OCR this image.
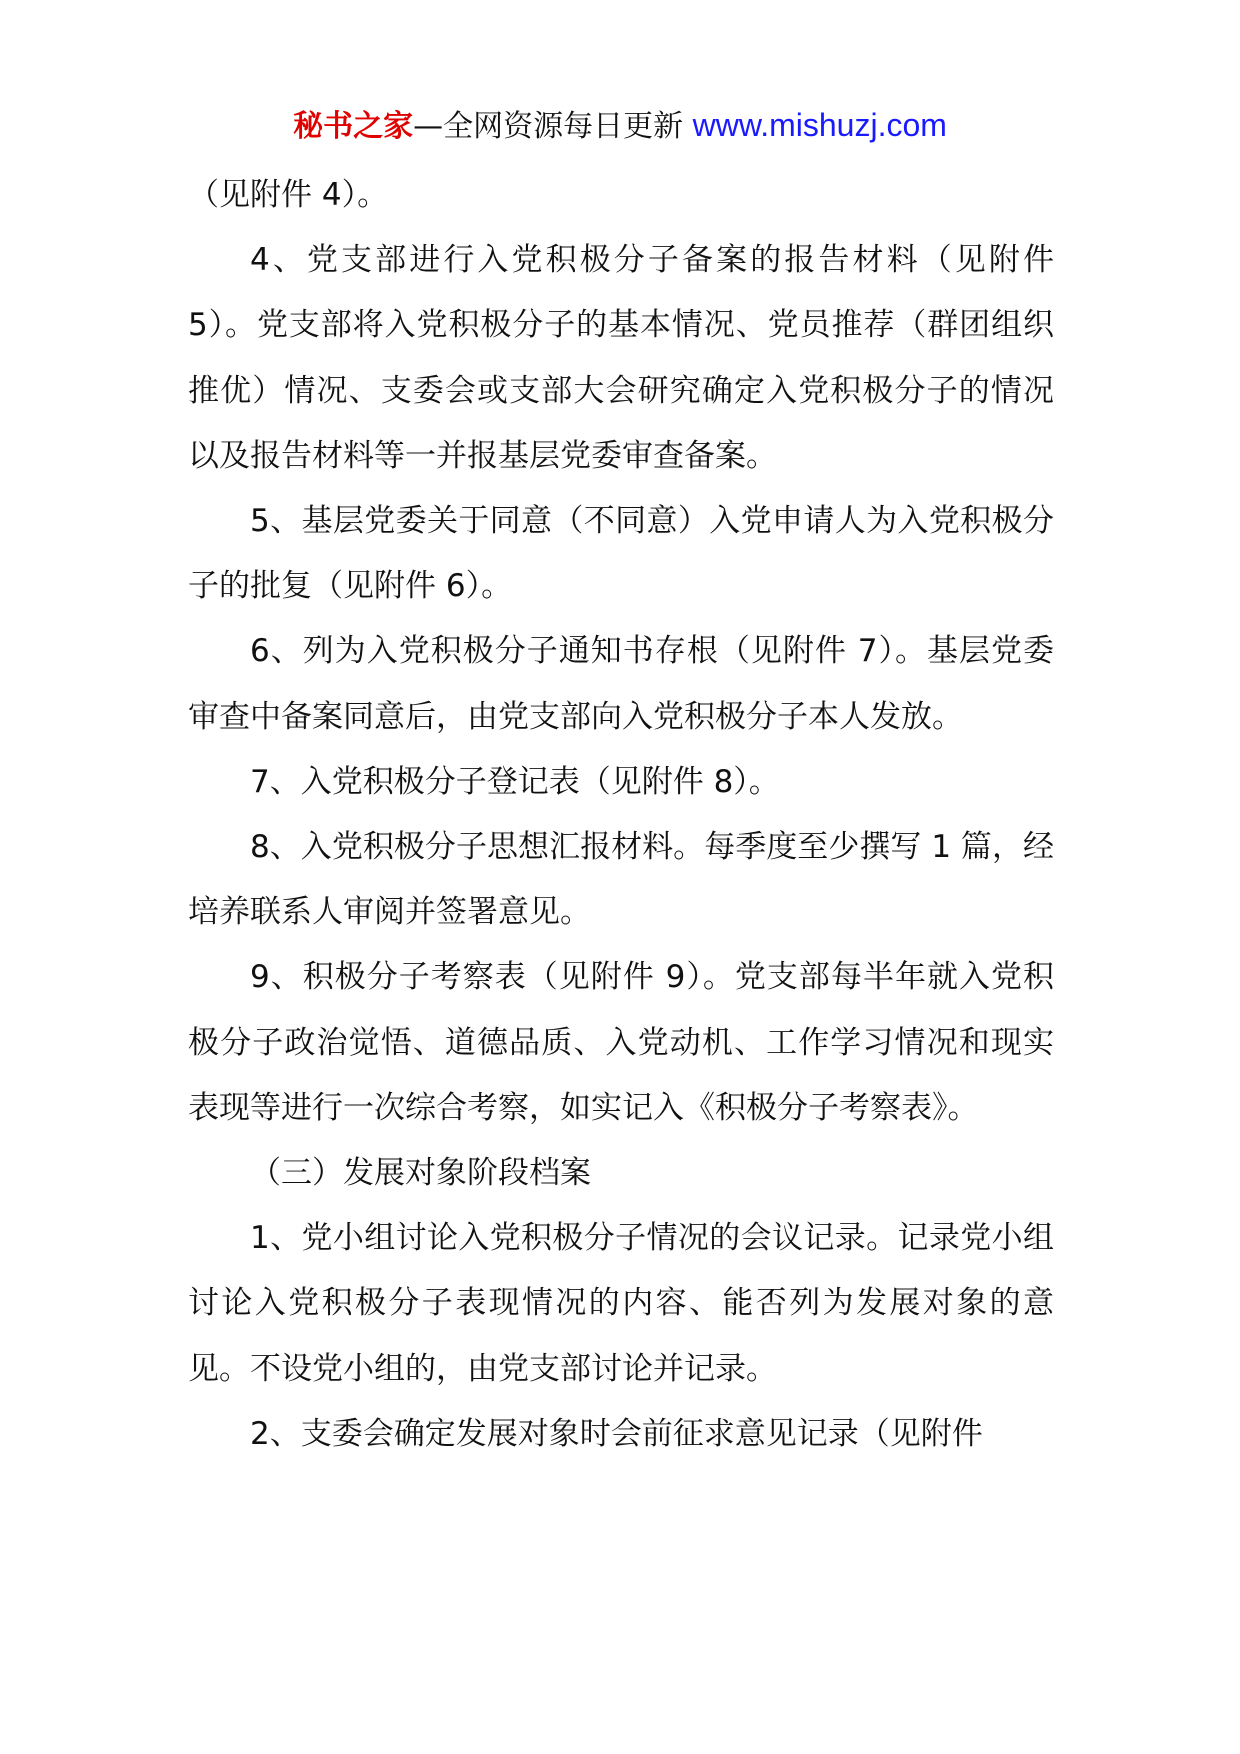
秘书之家—全网资源每日更新 www.mishuzj.com

（见附件 4）。

4、党支部进行入党积极分子备案的报告材料（见附件 5）。党支部将入党积极分子的基本情况、党员推荐（群团组织推优）情况、支委会或支部大会研究确定入党积极分子的情况以及报告材料等一并报基层党委审查备案。

5、基层党委关于同意（不同意）入党申请人为入党积极分子的批复（见附件 6）。

6、列为入党积极分子通知书存根（见附件 7）。基层党委审查中备案同意后，由党支部向入党积极分子本人发放。

7、入党积极分子登记表（见附件 8）。

8、入党积极分子思想汇报材料。每季度至少撰写 1 篇，经培养联系人审阅并签署意见。

9、积极分子考察表（见附件 9）。党支部每半年就入党积极分子政治觉悟、道德品质、入党动机、工作学习情况和现实表现等进行一次综合考察，如实记入《积极分子考察表》。

（三）发展对象阶段档案

1、党小组讨论入党积极分子情况的会议记录。记录党小组讨论入党积极分子表现情况的内容、能否列为发展对象的意见。不设党小组的，由党支部讨论并记录。

2、支委会确定发展对象时会前征求意见记录（见附件
